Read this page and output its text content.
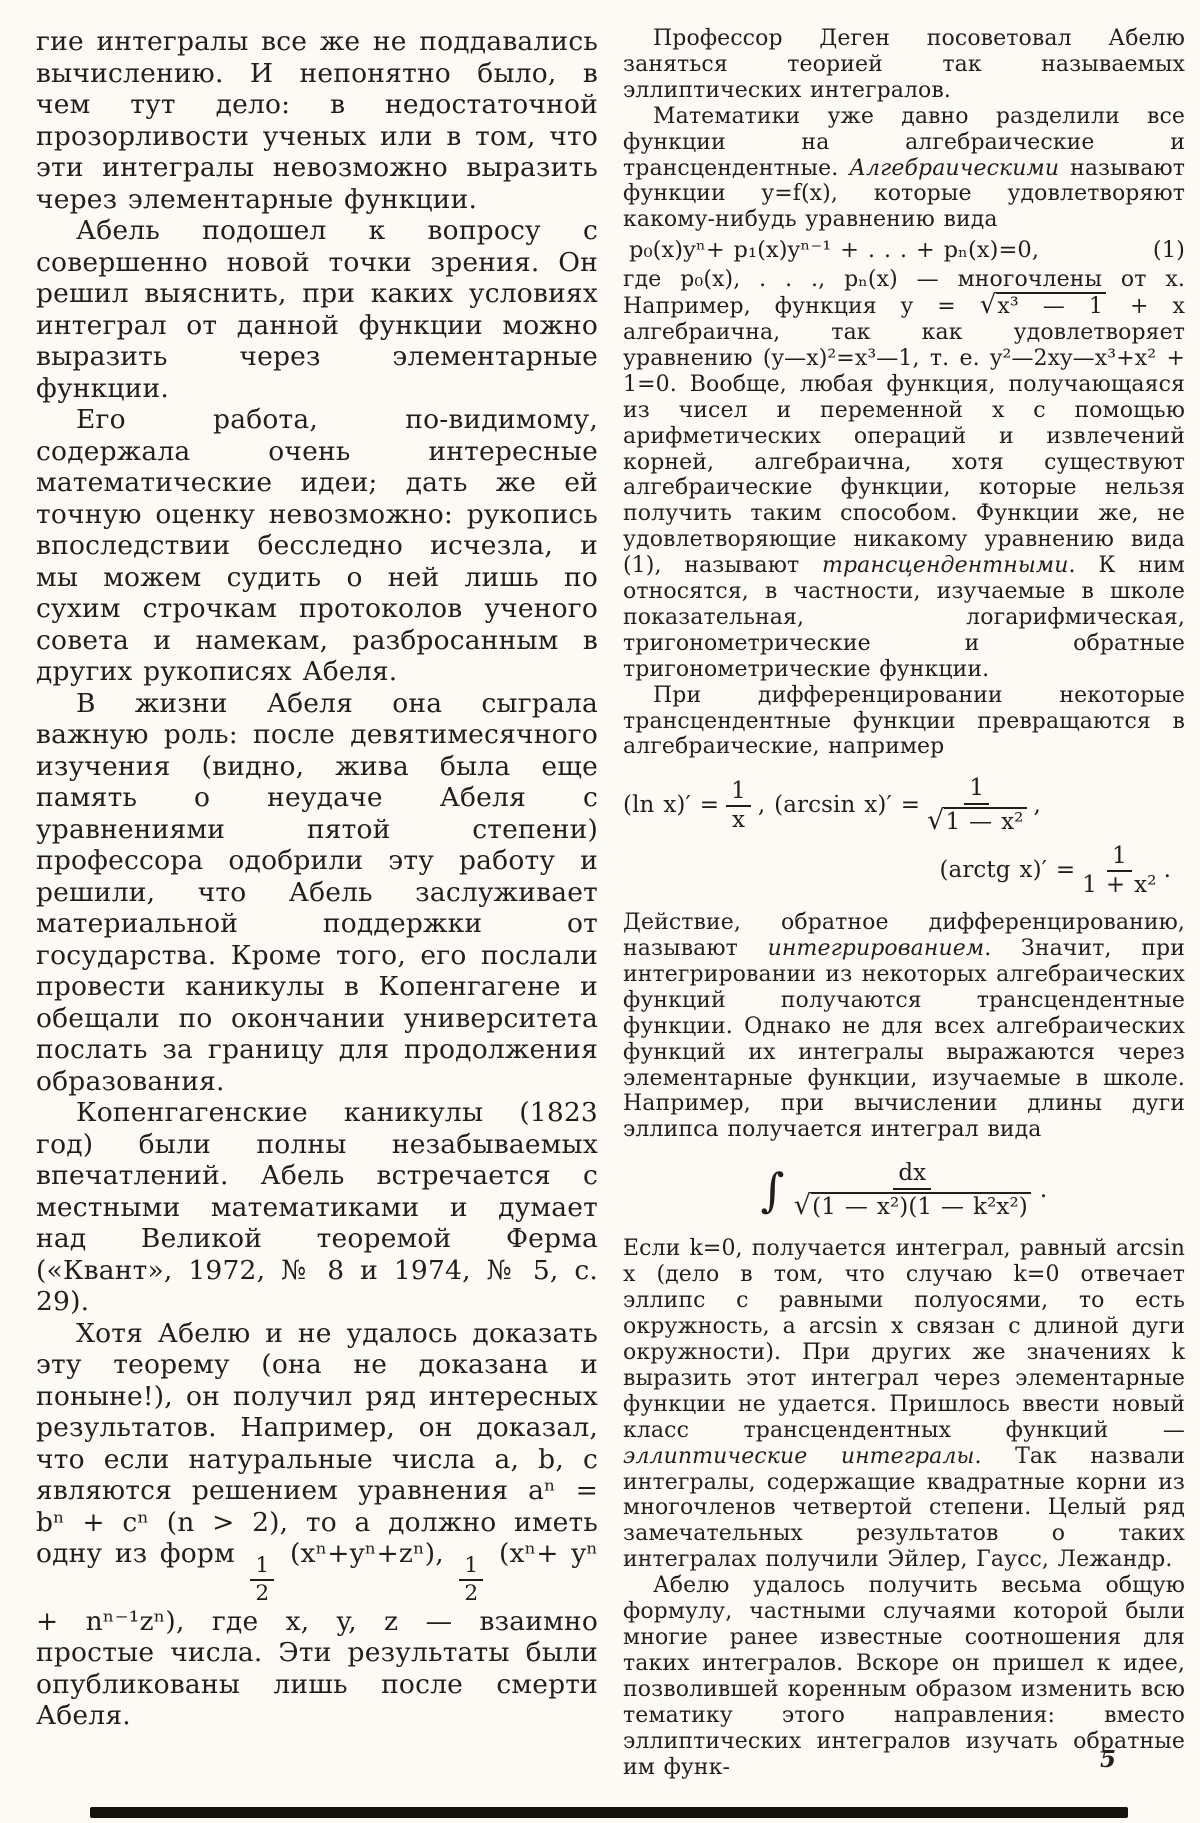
гие интегралы все же не поддавались вычислению. И непонятно было, в чем тут дело: в недостаточной прозорливости ученых или в том, что эти интегралы невозможно выразить через элементарные функции.

Абель подошел к вопросу с совершенно новой точки зрения. Он решил выяснить, при каких условиях интеграл от данной функции можно выразить через элементарные функции.

Его работа, по-видимому, содержала очень интересные математические идеи; дать же ей точную оценку невозможно: рукопись впоследствии бесследно исчезла, и мы можем судить о ней лишь по сухим строчкам протоколов ученого совета и намекам, разбросанным в других рукописях Абеля.

В жизни Абеля она сыграла важную роль: после девятимесячного изучения (видно, жива была еще память о неудаче Абеля с уравнениями пятой степени) профессора одобрили эту работу и решили, что Абель заслуживает материальной поддержки от государства. Кроме того, его послали провести каникулы в Копенгагене и обещали по окончании университета послать за границу для продолжения образования.

Копенгагенские каникулы (1823 год) были полны незабываемых впечатлений. Абель встречается с местными математиками и думает над Великой теоремой Ферма («Квант», 1972, № 8 и 1974, № 5, с. 29).

Хотя Абелю и не удалось доказать эту теорему (она не доказана и поныне!), он получил ряд интересных результатов. Например, он доказал, что если натуральные числа a, b, c являются решением уравнения aⁿ = bⁿ + cⁿ (n > 2), то a должно иметь одну из форм
$\frac{1}{2}$
(xⁿ+yⁿ+zⁿ),
$\frac{1}{2}$
(xⁿ+ yⁿ + nⁿ⁻¹zⁿ), где x, y, z — взаимно простые числа. Эти результаты были опубликованы лишь после смерти Абеля.

Профессор Деген посоветовал Абелю заняться теорией так называемых эллиптических интегралов.

Математики уже давно разделили все функции на алгебраические и трансцендентные. Алгебраическими называют функции y=f(x), которые удовлетворяют какому-нибудь уравнению вида

p₀(x)yⁿ+ p₁(x)yⁿ⁻¹ + . . . + pₙ(x)=0,	(1)

где p₀(x), . . ., pₙ(x) — многочлены от x. Например, функция y = √x³ — 1 + x алгебраична, так как удовлетворяет уравнению (y—x)²=x³—1, т. е. y²—2xy—x³+x² + 1=0. Вообще, любая функция, получающаяся из чисел и переменной x с помощью арифметических операций и извлечений корней, алгебраична, хотя существуют алгебраические функции, которые нельзя получить таким способом. Функции же, не удовлетворяющие никакому уравнению вида (1), называют трансцендентными. К ним относятся, в частности, изучаемые в школе показательная, логарифмическая, тригонометрические и обратные тригонометрические функции.

При дифференцировании некоторые трансцендентные функции превращаются в алгебраические, например

(ln $x)' = \frac{1}{x}$ , (arcsin $x)' = \frac{1}{\text{√1 — x²}}$ ,
(arctg $x)' = \frac{1}{\text{1 + x²}}$ .

Действие, обратное дифференцированию, называют интегрированием. Значит, при интегрировании из некоторых алгебраических функций получаются трансцендентные функции. Однако не для всех алгебраических функций их интегралы выражаются через элементарные функции, изучаемые в школе. Например, при вычислении длины дуги эллипса получается интеграл вида

∫ $\frac{dx}{\text{√(1 — x²)(1 — k²x²)}}$ .

Если k=0, получается интеграл, равный arcsin x (дело в том, что случаю k=0 отвечает эллипс с равными полуосями, то есть окружность, а arcsin x связан с длиной дуги окружности). При других же значениях k выразить этот интеграл через элементарные функции не удается. Пришлось ввести новый класс трансцендентных функций — эллиптические интегралы. Так назвали интегралы, содержащие квадратные корни из многочленов четвертой степени. Целый ряд замечательных результатов о таких интегралах получили Эйлер, Гаусс, Лежандр.

Абелю удалось получить весьма общую формулу, частными случаями которой были многие ранее известные соотношения для таких интегралов. Вскоре он пришел к идее, позволившей коренным образом изменить всю тематику этого направления: вместо эллиптических интегралов изучать обратные им функ-	5
